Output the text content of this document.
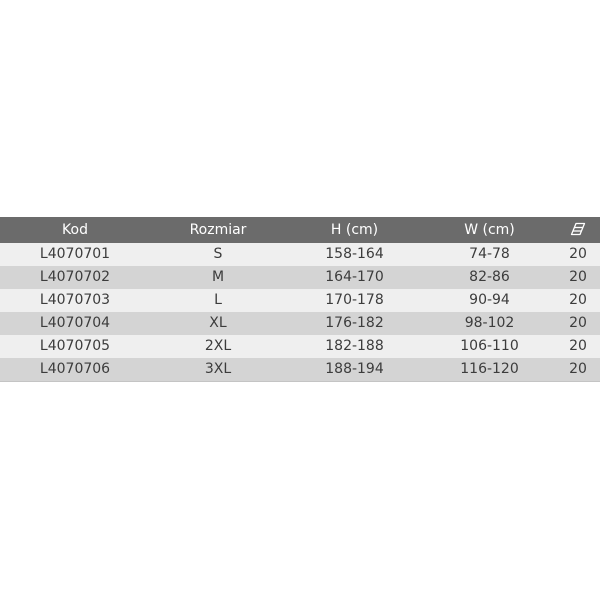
Kod	Rozmiar	H (cm)	W (cm)	
L4070701	S	158-164	74-78	20
L4070702	M	164-170	82-86	20
L4070703	L	170-178	90-94	20
L4070704	XL	176-182	98-102	20
L4070705	2XL	182-188	106-110	20
L4070706	3XL	188-194	116-120	20
